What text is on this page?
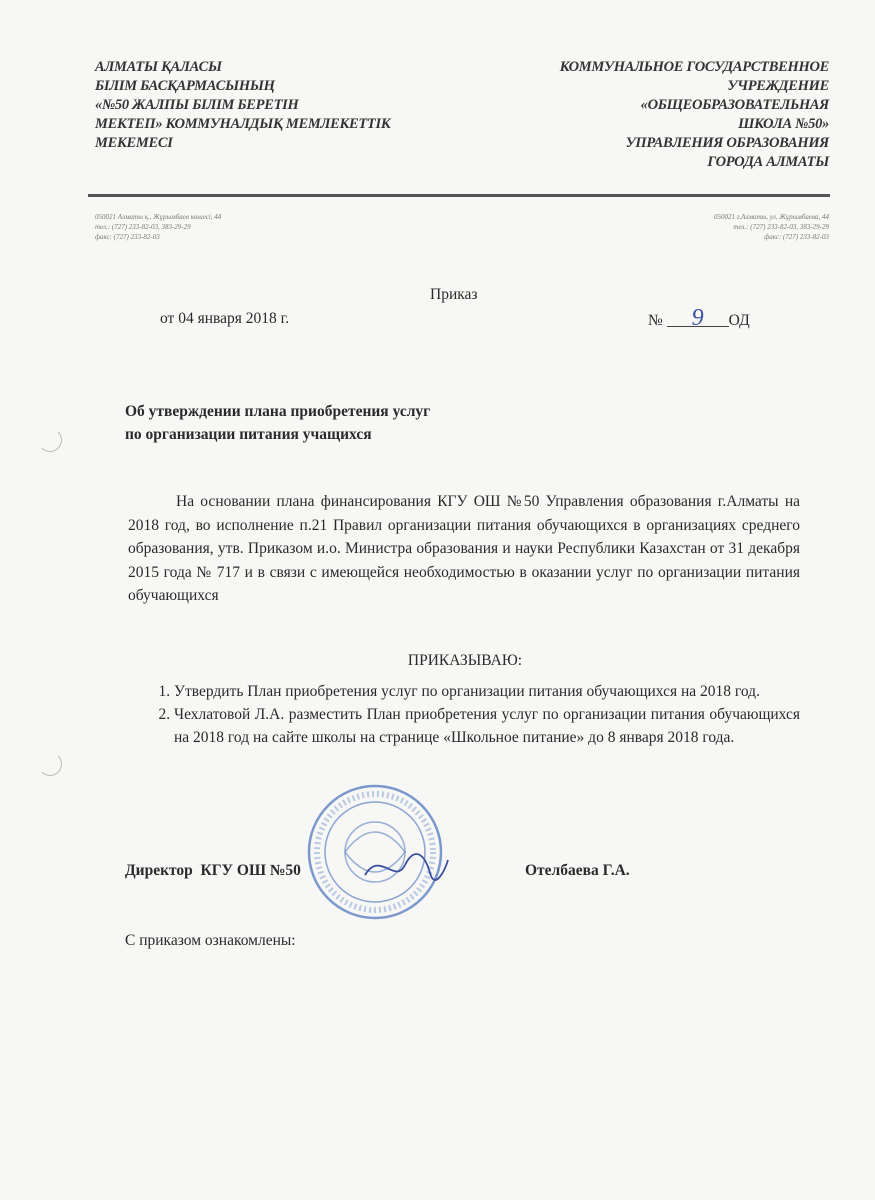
АЛМАТЫ ҚАЛАСЫ
БІЛІМ БАСҚАРМАСЫНЫҢ
«№50 ЖАЛПЫ БІЛІМ БЕРЕТІН
МЕКТЕП» КОММУНАЛДЫҚ МЕМЛЕКЕТТІК
МЕКЕМЕСІ
КОММУНАЛЬНОЕ ГОСУДАРСТВЕННОЕ
УЧРЕЖДЕНИЕ
«ОБЩЕОБРАЗОВАТЕЛЬНАЯ
ШКОЛА №50»
УПРАВЛЕНИЯ ОБРАЗОВАНИЯ
ГОРОДА АЛМАТЫ
050021 Алматы қ., Жұрымбаев көшесі, 44
тел.: (727) 233-82-03, 383-29-29
факс: (727) 233-82-03
050021 г.Алматы, ул. Жұрымбаева, 44
тел.: (727) 233-82-03, 383-29-29
факс: (727) 233-82-03
Приказ
от 04 января 2018 г.	№ 9 ОД
Об утверждении плана приобретения услуг
по организации питания учащихся
На основании плана финансирования КГУ ОШ №50 Управления образования г.Алматы на 2018 год, во исполнение п.21 Правил организации питания обучающихся в организациях среднего образования, утв. Приказом и.о. Министра образования и науки Республики Казахстан от 31 декабря 2015 года № 717 и в связи с имеющейся необходимостью в оказании услуг по организации питания обучающихся
ПРИКАЗЫВАЮ:
1. Утвердить План приобретения услуг по организации питания обучающихся на 2018 год.
2. Чехлатовой Л.А. разместить План приобретения услуг по организации питания обучающихся на 2018 год на сайте школы на странице «Школьное питание» до 8 января 2018 года.
Директор  КГУ ОШ №50	Отелбаева Г.А.
С приказом ознакомлены:
